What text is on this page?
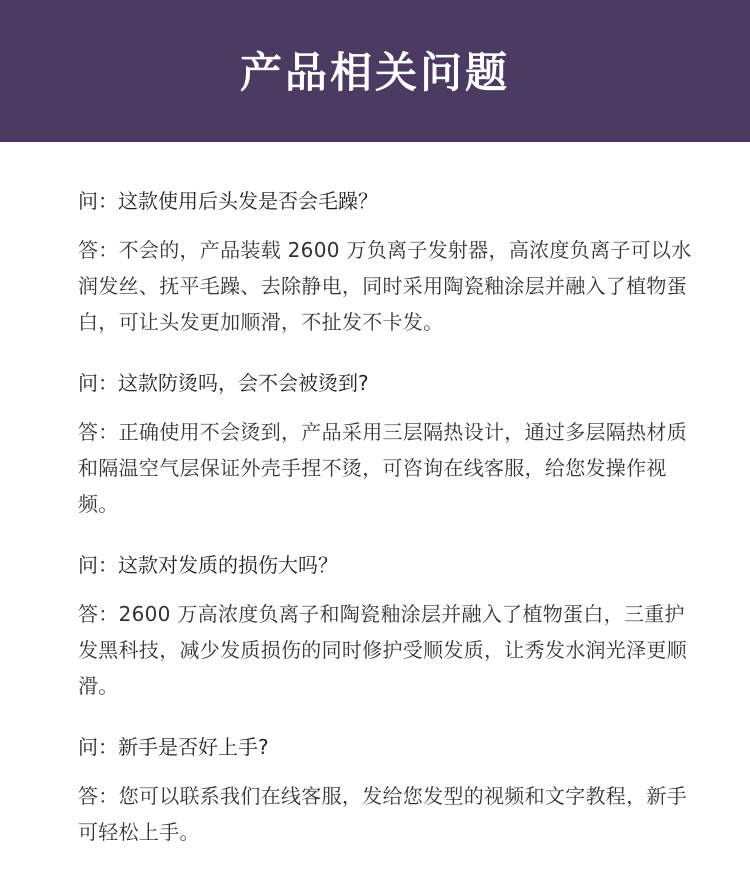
产品相关问题

问：这款使用后头发是否会毛躁？

答：不会的，产品装载 2600 万负离子发射器，高浓度负离子可以水润发丝、抚平毛躁、去除静电，同时采用陶瓷釉涂层并融入了植物蛋白，可让头发更加顺滑，不扯发不卡发。

问：这款防烫吗，会不会被烫到?

答：正确使用不会烫到，产品采用三层隔热设计，通过多层隔热材质和隔温空气层保证外壳手捏不烫，可咨询在线客服，给您发操作视频。

问：这款对发质的损伤大吗？

答：2600 万高浓度负离子和陶瓷釉涂层并融入了植物蛋白，三重护发黑科技，减少发质损伤的同时修护受顺发质，让秀发水润光泽更顺滑。

问：新手是否好上手?

答：您可以联系我们在线客服，发给您发型的视频和文字教程，新手可轻松上手。
